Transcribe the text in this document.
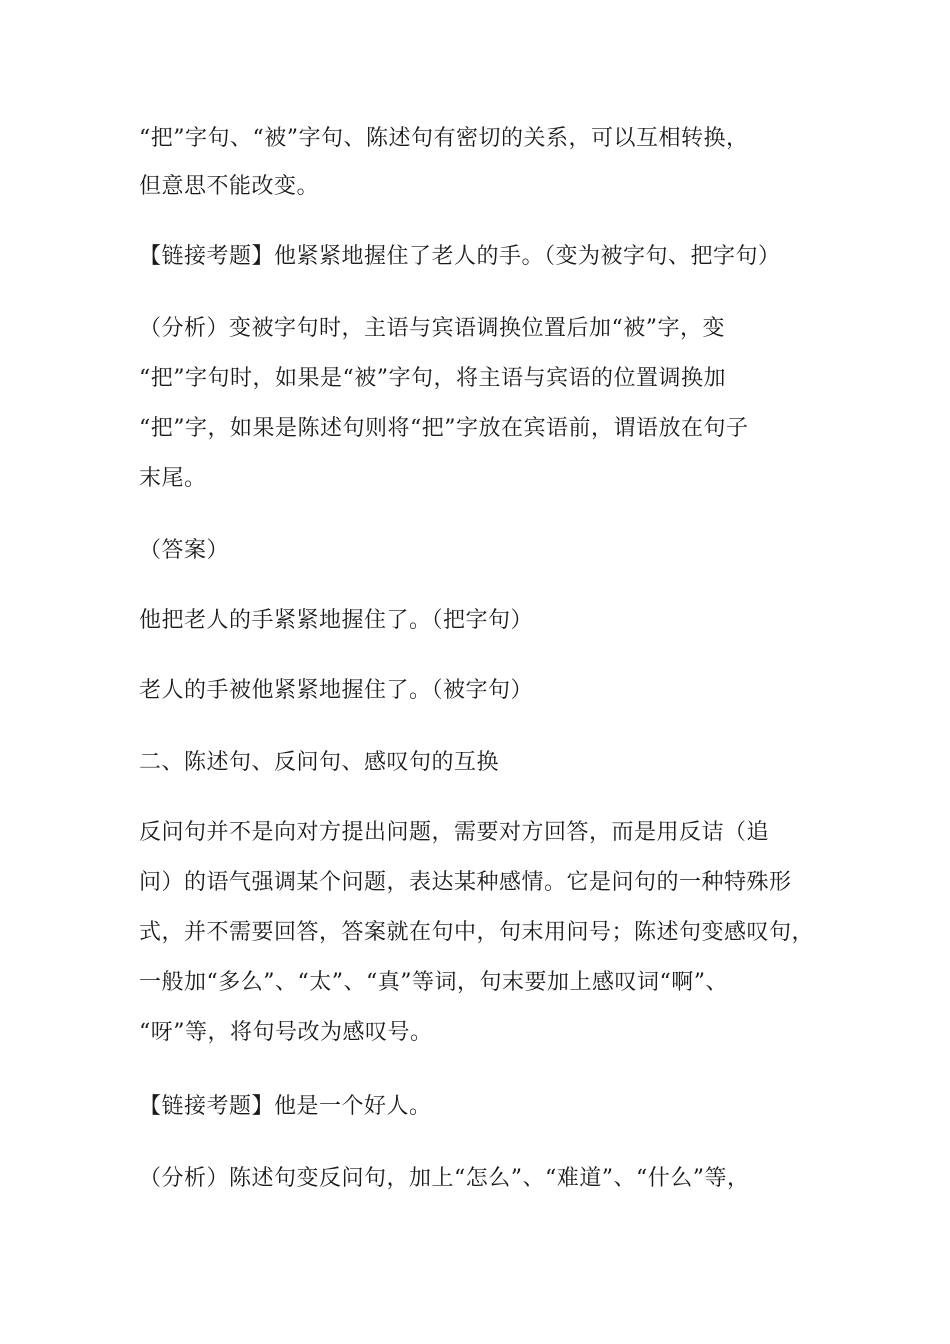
“把”字句、“被”字句、陈述句有密切的关系，可以互相转换，
但意思不能改变。
【链接考题】他紧紧地握住了老人的手。（变为被字句、把字句）
（分析）变被字句时，主语与宾语调换位置后加“被”字，变
“把”字句时，如果是“被”字句，将主语与宾语的位置调换加
“把”字，如果是陈述句则将“把”字放在宾语前，谓语放在句子
末尾。
（答案）
他把老人的手紧紧地握住了。（把字句）
老人的手被他紧紧地握住了。（被字句）
二、陈述句、反问句、感叹句的互换
反问句并不是向对方提出问题，需要对方回答，而是用反诘（追
问）的语气强调某个问题，表达某种感情。它是问句的一种特殊形
式，并不需要回答，答案就在句中，句末用问号；陈述句变感叹句，
一般加“多么”、“太”、“真”等词，句末要加上感叹词“啊”、
“呀”等，将句号改为感叹号。
【链接考题】他是一个好人。
（分析）陈述句变反问句，加上“怎么”、“难道”、“什么”等，
